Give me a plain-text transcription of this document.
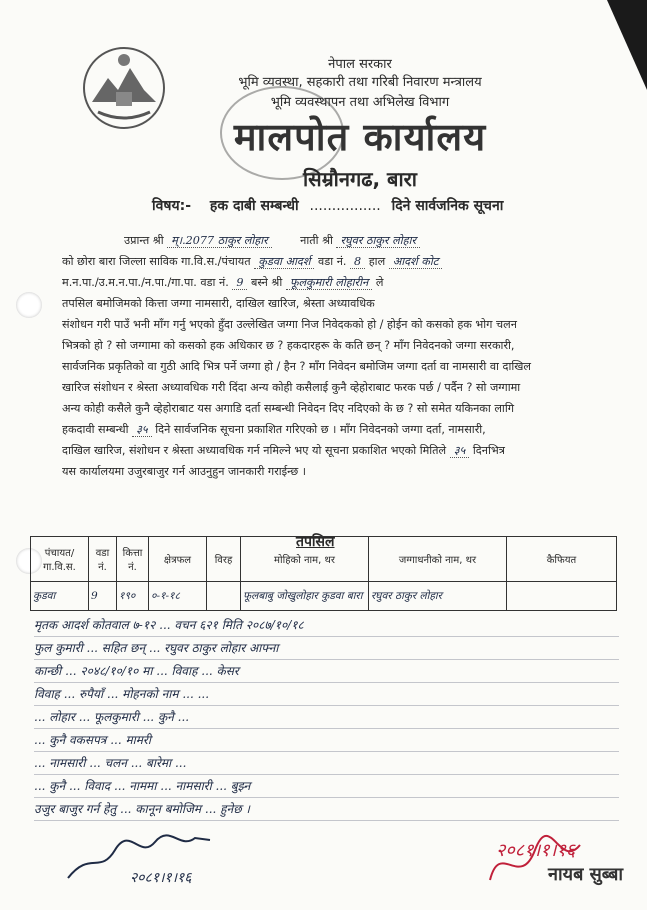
नेपाल सरकार
भूमि व्यवस्था, सहकारी तथा गरिबी निवारण मन्त्रालय
भूमि व्यवस्थापन तथा अभिलेख विभाग
मालपोत कार्यालय
सिम्रौनगढ, बारा
विषय:- हक दाबी सम्बन्धी ................ दिने सार्वजनिक सूचना

उप्रान्त श्री म्।.2077 ठाकुर लोहार	नाती श्री रघुवर ठाकुर लोहार

को छोरा बारा जिल्ला साविक गा.वि.स./पंचायत कुडवा आदर्श वडा नं. 8 हाल आदर्श कोट

म.न.पा./उ.म.न.पा./न.पा./गा.पा. वडा नं. 9 बस्ने श्री फूलकुमारी लोहारीन ले

तपसिल बमोजिमको कित्ता जग्गा नामसारी, दाखिल खारिज, श्रेस्ता अध्यावधिक

संशोधन गरी पाउँ भनी माँग गर्नु भएको हुँदा उल्लेखित जग्गा निज निवेदकको हो / होईन को कसको हक भोग चलन

भित्रको हो ? सो जग्गामा को कसको हक अधिकार छ ? हकदारहरू के कति छन् ? माँग निवेदनको जग्गा सरकारी,

सार्वजनिक प्रकृतिको वा गुठी आदि भित्र पर्ने जग्गा हो / हैन ? माँग निवेदन बमोजिम जग्गा दर्ता वा नामसारी वा दाखिल

खारिज संशोधन र श्रेस्ता अध्यावधिक गरी दिंदा अन्य कोही कसैलाई कुनै व्हेहोराबाट फरक पर्छ / पर्दैन ? सो जग्गामा

अन्य कोही कसैले कुनै व्हेहोराबाट यस अगाडि दर्ता सम्बन्धी निवेदन दिए नदिएको के छ ? सो समेत यकिनका लागि

हकदावी सम्बन्धी ३५ दिने सार्वजनिक सूचना प्रकाशित गरिएको छ । माँग निवेदनको जग्गा दर्ता, नामसारी,

दाखिल खारिज, संशोधन र श्रेस्ता अध्यावधिक गर्न नमिल्ने भए यो सूचना प्रकाशित भएको मितिले ३५ दिनभित्र

यस कार्यालयमा उजुरबाजुर गर्न आउनुहुन जानकारी गराईन्छ ।

तपसिल
पंचायत/गा.वि.स.	वडा नं.	कित्ता नं.	क्षेत्रफल	विरह	मोहिको नाम, थर	जग्गाधनीको नाम, थर	कैफियत
कुडवा	9	१९०	०-१-१८		फूलबाबु जोखुलोहार कुडवा बारा	रघुवर ठाकुर लोहार	
मृतक आदर्श कोतवाल ७-१२ ... वचन ६२१ मिति २०८७/१०/१८
फुल कुमारी ... सहित छन् ... रघुवर ठाकुर लोहार आफ्ना
कान्छी ... २०४८/१०/१० मा ... विवाह ... केसर
विवाह ... रुपैयाँ ... मोहनको नाम ... ...
... लोहार ... फूलकुमारी ... कुनै ...
... कुनै वकसपत्र ... मामरी
... नामसारी ... चलन ... बारेमा ...
... कुनै ... विवाद ... नाममा ... नामसारी ... बुझ्न
उजुर बाजुर गर्न हेतु ... कानून बमोजिम ... हुनेछ ।
२०८१।१।१६
२०८१।१।१६
नायब सुब्बा
